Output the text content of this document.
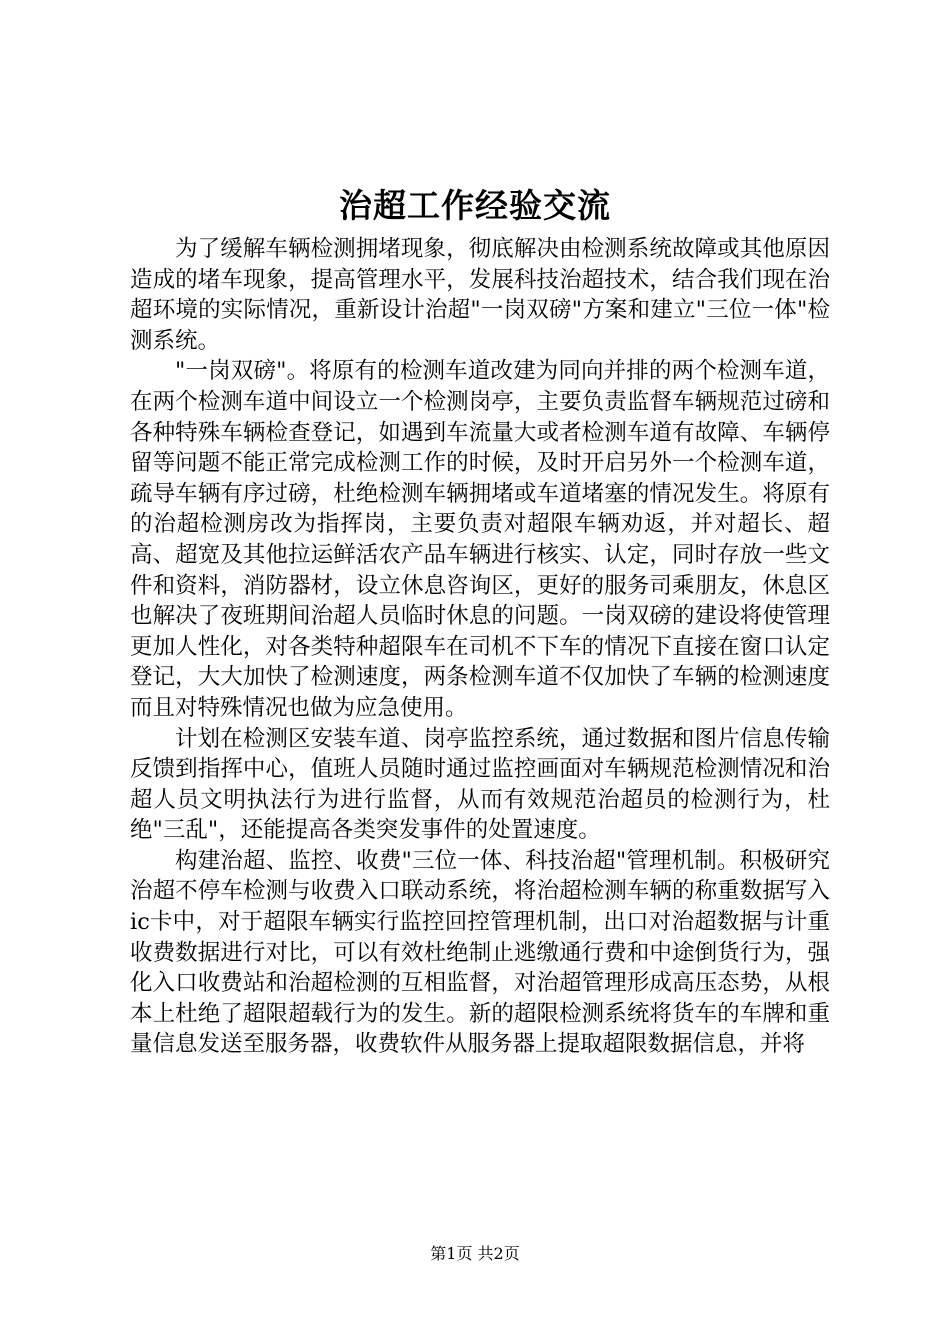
治超工作经验交流

为了缓解车辆检测拥堵现象，彻底解决由检测系统故障或其他原因造成的堵车现象，提高管理水平，发展科技治超技术，结合我们现在治超环境的实际情况，重新设计治超"一岗双磅"方案和建立"三位一体"检测系统。

"一岗双磅"。将原有的检测车道改建为同向并排的两个检测车道，在两个检测车道中间设立一个检测岗亭，主要负责监督车辆规范过磅和各种特殊车辆检查登记，如遇到车流量大或者检测车道有故障、车辆停留等问题不能正常完成检测工作的时候，及时开启另外一个检测车道，疏导车辆有序过磅，杜绝检测车辆拥堵或车道堵塞的情况发生。将原有的治超检测房改为指挥岗，主要负责对超限车辆劝返，并对超长、超高、超宽及其他拉运鲜活农产品车辆进行核实、认定，同时存放一些文件和资料，消防器材，设立休息咨询区，更好的服务司乘朋友，休息区也解决了夜班期间治超人员临时休息的问题。一岗双磅的建设将使管理更加人性化，对各类特种超限车在司机不下车的情况下直接在窗口认定登记，大大加快了检测速度，两条检测车道不仅加快了车辆的检测速度而且对特殊情况也做为应急使用。

计划在检测区安装车道、岗亭监控系统，通过数据和图片信息传输反馈到指挥中心，值班人员随时通过监控画面对车辆规范检测情况和治超人员文明执法行为进行监督，从而有效规范治超员的检测行为，杜绝"三乱"，还能提高各类突发事件的处置速度。

构建治超、监控、收费"三位一体、科技治超"管理机制。积极研究治超不停车检测与收费入口联动系统，将治超检测车辆的称重数据写入ic卡中，对于超限车辆实行监控回控管理机制，出口对治超数据与计重收费数据进行对比，可以有效杜绝制止逃缴通行费和中途倒货行为，强化入口收费站和治超检测的互相监督，对治超管理形成高压态势，从根本上杜绝了超限超载行为的发生。新的超限检测系统将货车的车牌和重量信息发送至服务器，收费软件从服务器上提取超限数据信息，并将

第1页 共2页
